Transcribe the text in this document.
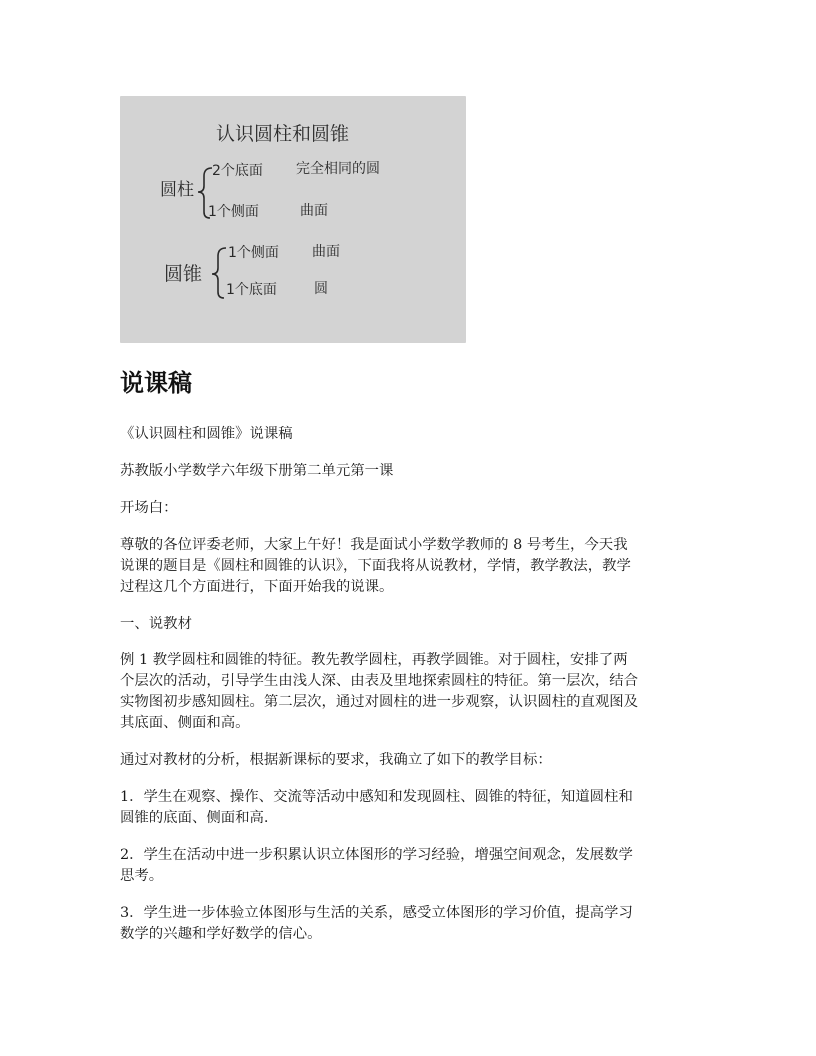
认识圆柱和圆锥
圆柱
2个底面 完全相同的圆
1个侧面	曲面
圆锥
1个侧面 曲面
1个底面	圆
说课稿

《认识圆柱和圆锥》说课稿

苏教版小学数学六年级下册第二单元第一课

开场白：

尊敬的各位评委老师，大家上午好！我是面试小学数学教师的 8 号考生，今天我
说课的题目是《圆柱和圆锥的认识》，下面我将从说教材，学情，教学教法，教学
过程这几个方面进行，下面开始我的说课。

一、说教材

例 1 教学圆柱和圆锥的特征。教先教学圆柱，再教学圆锥。对于圆柱，安排了两
个层次的活动，引导学生由浅人深、由表及里地探索圆柱的特征。第一层次，结合
实物图初步感知圆柱。第二层次，通过对圆柱的进一步观察，认识圆柱的直观图及
其底面、侧面和高。

通过对教材的分析，根据新课标的要求，我确立了如下的教学目标：

1．学生在观察、操作、交流等活动中感知和发现圆柱、圆锥的特征，知道圆柱和
圆锥的底面、侧面和高.
2．学生在活动中进一步积累认识立体图形的学习经验，增强空间观念，发展数学
思考。
3．学生进一步体验立体图形与生活的关系，感受立体图形的学习价值，提高学习
数学的兴趣和学好数学的信心。
